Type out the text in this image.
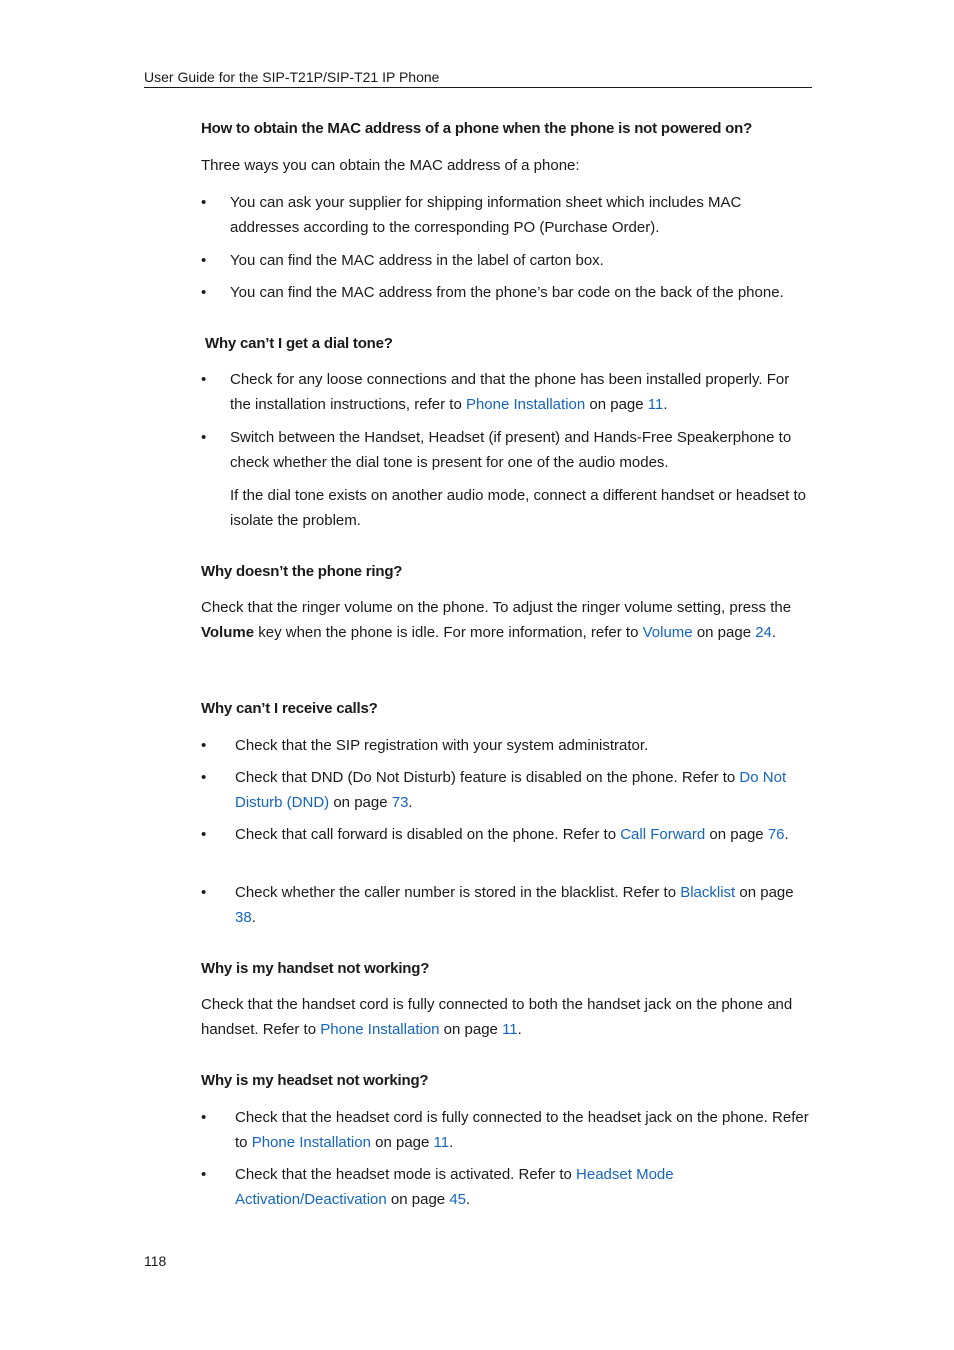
User Guide for the SIP-T21P/SIP-T21 IP Phone
How to obtain the MAC address of a phone when the phone is not powered on?
Three ways you can obtain the MAC address of a phone:
•	You can ask your supplier for shipping information sheet which includes MAC addresses according to the corresponding PO (Purchase Order).
•	You can find the MAC address in the label of carton box.
•	You can find the MAC address from the phone’s bar code on the back of the phone.
Why can’t I get a dial tone?
•	Check for any loose connections and that the phone has been installed properly. For the installation instructions, refer to Phone Installation on page 11.
•	Switch between the Handset, Headset (if present) and Hands-Free Speakerphone to check whether the dial tone is present for one of the audio modes.
If the dial tone exists on another audio mode, connect a different handset or headset to isolate the problem.
Why doesn’t the phone ring?
Check that the ringer volume on the phone. To adjust the ringer volume setting, press the Volume key when the phone is idle. For more information, refer to Volume on page 24.
Why can’t I receive calls?
•	Check that the SIP registration with your system administrator.
•	Check that DND (Do Not Disturb) feature is disabled on the phone. Refer to Do Not Disturb (DND) on page 73.
•	Check that call forward is disabled on the phone. Refer to Call Forward on page 76.
•	Check whether the caller number is stored in the blacklist. Refer to Blacklist on page 38.
Why is my handset not working?
Check that the handset cord is fully connected to both the handset jack on the phone and handset. Refer to Phone Installation on page 11.
Why is my headset not working?
•	Check that the headset cord is fully connected to the headset jack on the phone. Refer to Phone Installation on page 11.
•	Check that the headset mode is activated. Refer to Headset Mode Activation/Deactivation on page 45.
118
